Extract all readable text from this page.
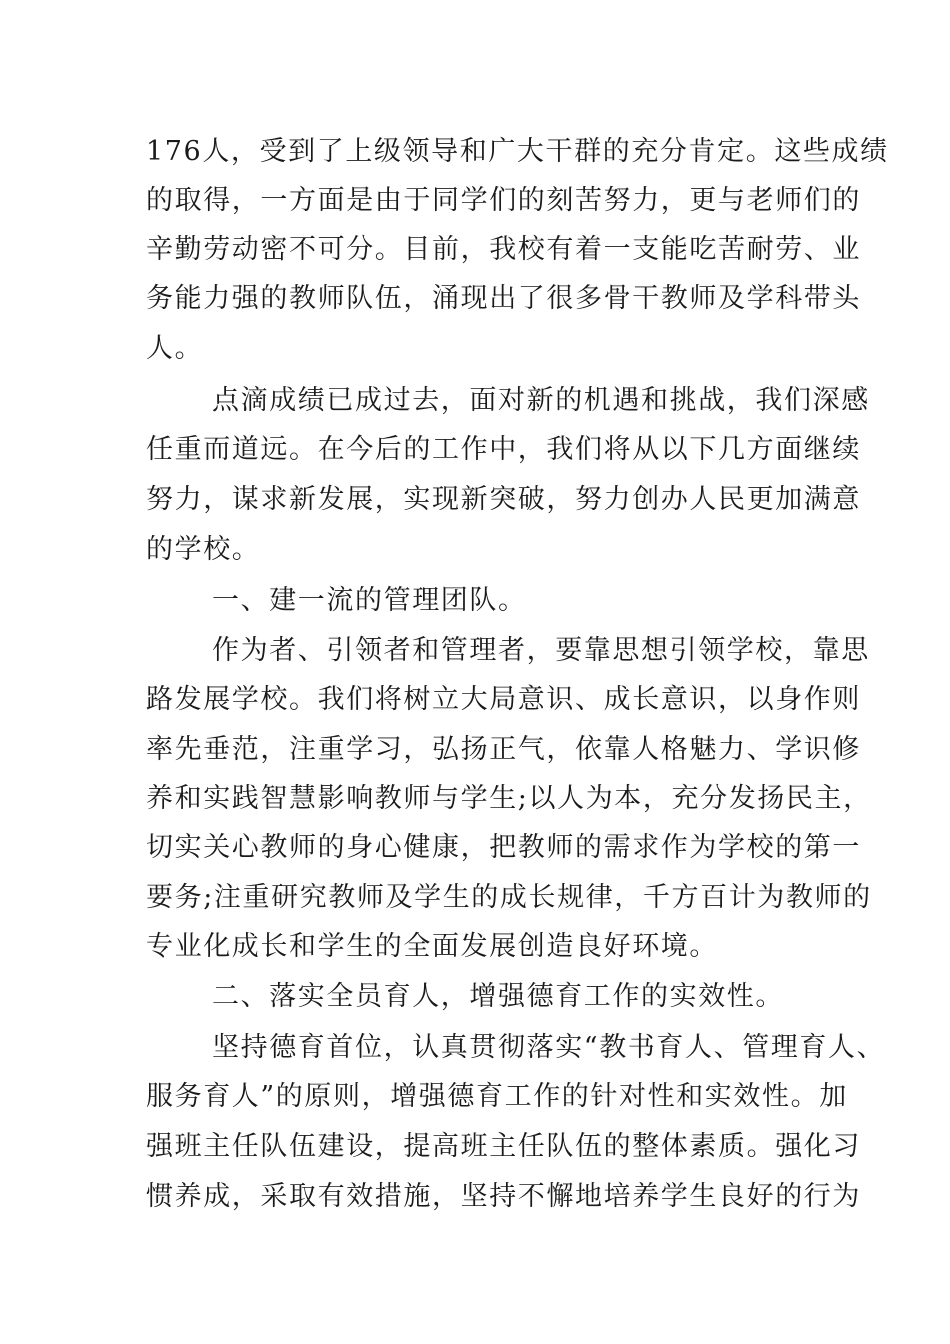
176人，受到了上级领导和广大干群的充分肯定。这些成绩
的取得，一方面是由于同学们的刻苦努力，更与老师们的
辛勤劳动密不可分。目前，我校有着一支能吃苦耐劳、业
务能力强的教师队伍，涌现出了很多骨干教师及学科带头
人。
点滴成绩已成过去，面对新的机遇和挑战，我们深感
任重而道远。在今后的工作中，我们将从以下几方面继续
努力，谋求新发展，实现新突破，努力创办人民更加满意
的学校。
一、建一流的管理团队。
作为者、引领者和管理者，要靠思想引领学校，靠思
路发展学校。我们将树立大局意识、成长意识，以身作则
率先垂范，注重学习，弘扬正气，依靠人格魅力、学识修
养和实践智慧影响教师与学生;以人为本，充分发扬民主，
切实关心教师的身心健康，把教师的需求作为学校的第一
要务;注重研究教师及学生的成长规律，千方百计为教师的
专业化成长和学生的全面发展创造良好环境。
二、落实全员育人，增强德育工作的实效性。
坚持德育首位，认真贯彻落实“教书育人、管理育人、
服务育人”的原则，增强德育工作的针对性和实效性。加
强班主任队伍建设，提高班主任队伍的整体素质。强化习
惯养成，采取有效措施，坚持不懈地培养学生良好的行为
